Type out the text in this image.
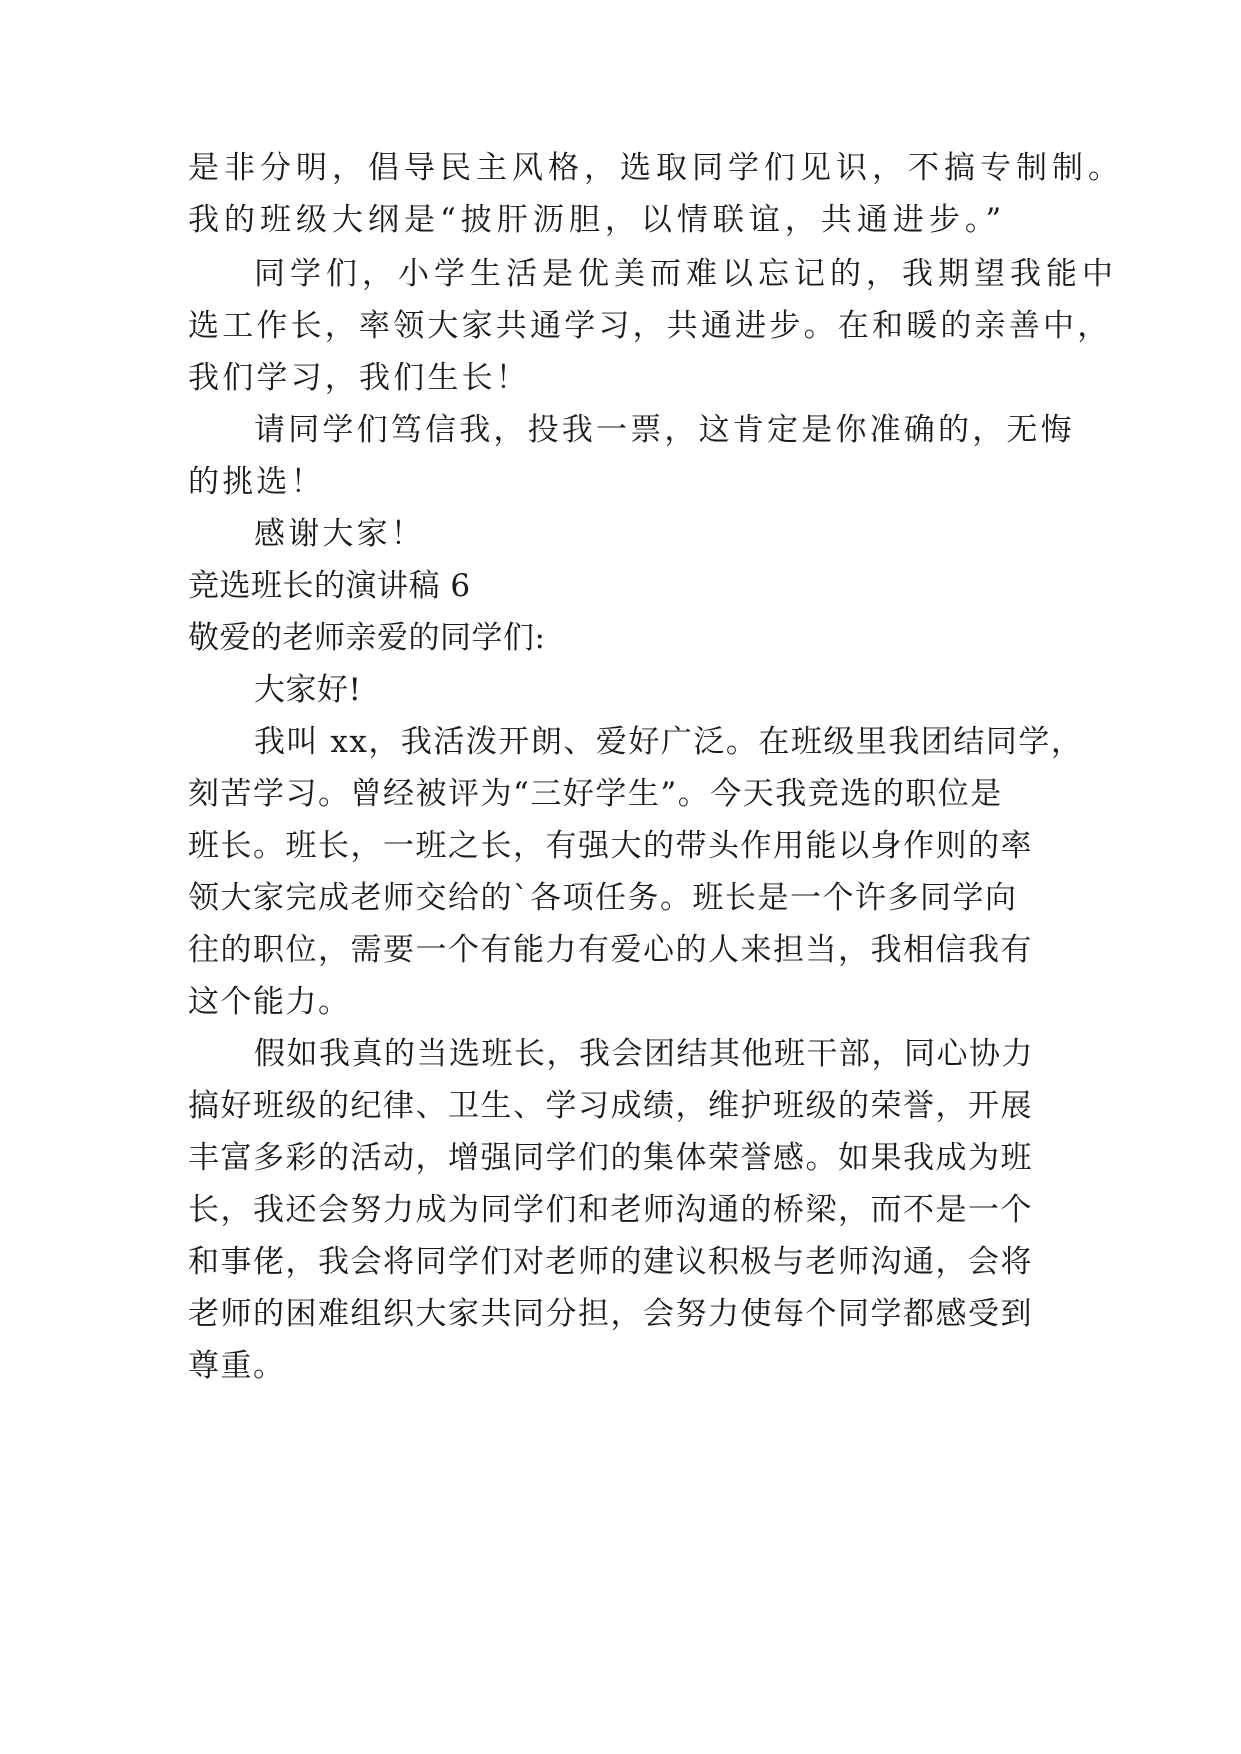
是非分明，倡导民主风格，选取同学们见识，不搞专制制。
我的班级大纲是“披肝沥胆，以情联谊，共通进步。”
同学们，小学生活是优美而难以忘记的，我期望我能中
选工作长，率领大家共通学习，共通进步。在和暖的亲善中，
我们学习，我们生长！
请同学们笃信我，投我一票，这肯定是你准确的，无悔
的挑选！
感谢大家！
竞选班长的演讲稿 6
敬爱的老师亲爱的同学们:
大家好!
我叫 xx，我活泼开朗、爱好广泛。在班级里我团结同学，
刻苦学习。曾经被评为“三好学生”。今天我竞选的职位是
班长。班长，一班之长，有强大的带头作用能以身作则的率
领大家完成老师交给的`各项任务。班长是一个许多同学向
往的职位，需要一个有能力有爱心的人来担当，我相信我有
这个能力。
假如我真的当选班长，我会团结其他班干部，同心协力
搞好班级的纪律、卫生、学习成绩，维护班级的荣誉，开展
丰富多彩的活动，增强同学们的集体荣誉感。如果我成为班
长，我还会努力成为同学们和老师沟通的桥梁，而不是一个
和事佬，我会将同学们对老师的建议积极与老师沟通，会将
老师的困难组织大家共同分担，会努力使每个同学都感受到
尊重。
